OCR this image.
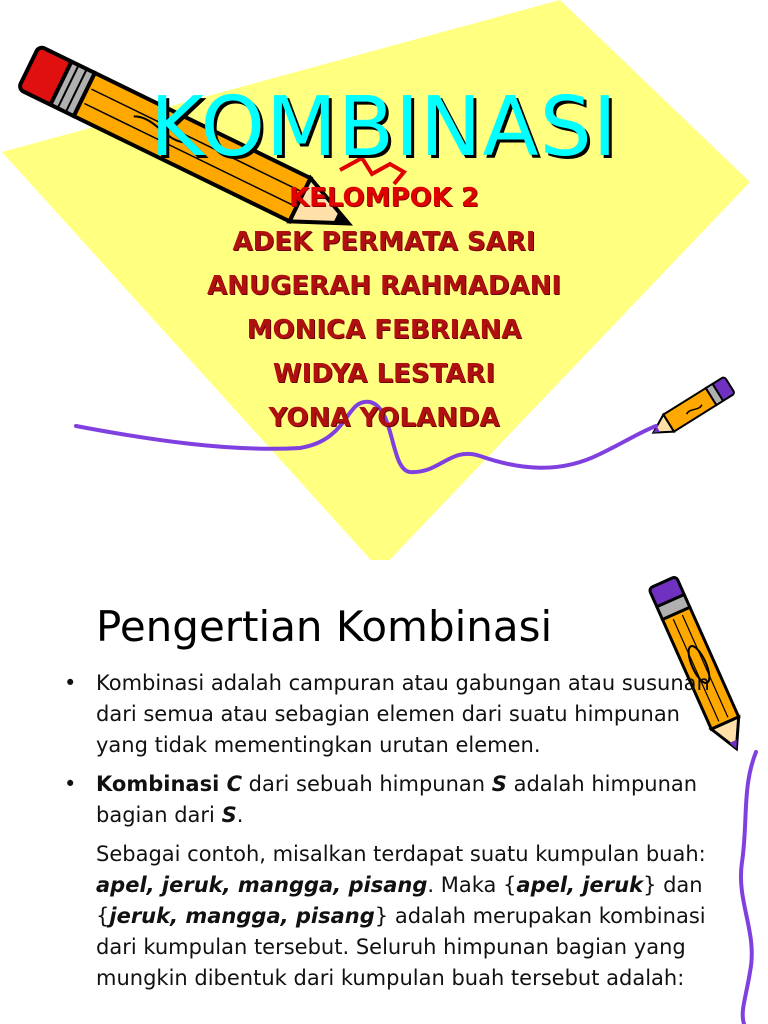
KOMBINASI
KELOMPOK 2
ADEK PERMATA SARI
ANUGERAH RAHMADANI
MONICA FEBRIANA
WIDYA LESTARI
YONA YOLANDA
Pengertian Kombinasi
• Kombinasi adalah campuran atau gabungan atau susunan dari semua atau sebagian elemen dari suatu himpunan yang tidak mementingkan urutan elemen.
• Kombinasi C dari sebuah himpunan S adalah himpunan bagian dari S.
Sebagai contoh, misalkan terdapat suatu kumpulan buah: apel, jeruk, mangga, pisang. Maka {apel, jeruk} dan {jeruk, mangga, pisang} adalah merupakan kombinasi dari kumpulan tersebut. Seluruh himpunan bagian yang mungkin dibentuk dari kumpulan buah tersebut adalah:
